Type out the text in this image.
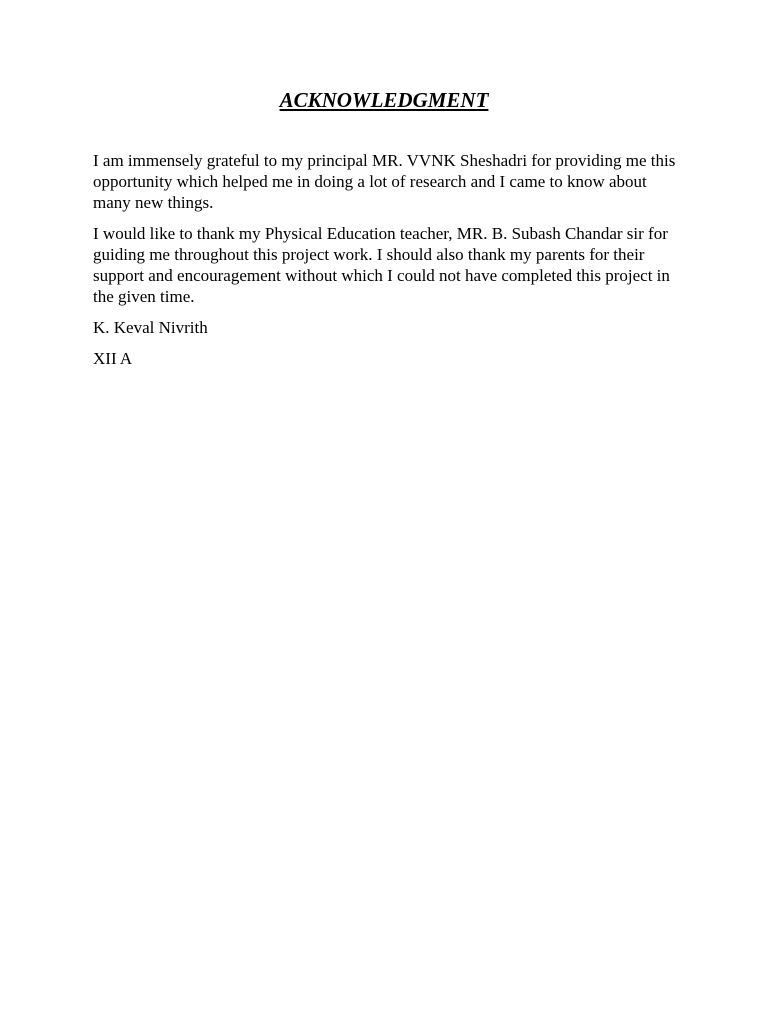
ACKNOWLEDGMENT

I am immensely grateful to my principal MR. VVNK Sheshadri for providing me this opportunity which helped me in doing a lot of research and I came to know about many new things.

I would like to thank my Physical Education teacher, MR. B. Subash Chandar sir for guiding me throughout this project work. I should also thank my parents for their support and encouragement without which I could not have completed this project in the given time.

K. Keval Nivrith

XII A
